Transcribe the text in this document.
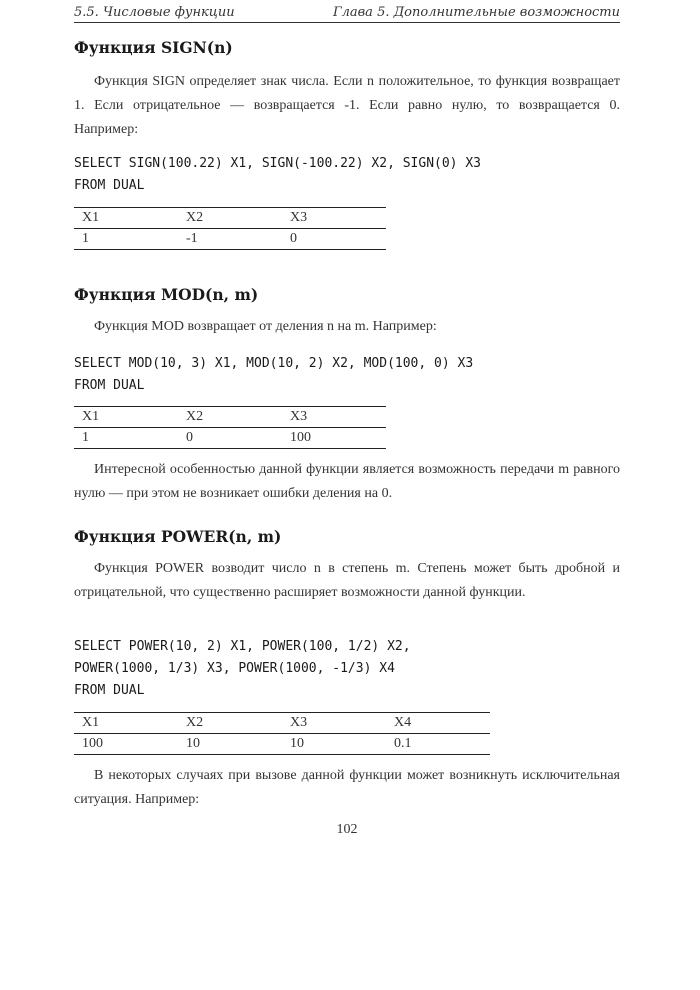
5.5. Числовые функции	Глава 5. Дополнительные возможности
Функция SIGN(n)

Функция SIGN определяет знак числа. Если n положительное, то функция возвращает 1. Если отрицательное — возвращается -1. Если равно нулю, то возвращается 0. Например:

SELECT SIGN(100.22) X1, SIGN(-100.22) X2, SIGN(0) X3
FROM DUAL
X1	X2	X3
1	-1	0
Функция MOD(n, m)

Функция MOD возвращает от деления n на m. Например:

SELECT MOD(10, 3) X1, MOD(10, 2) X2, MOD(100, 0) X3
FROM DUAL
X1	X2	X3
1	0	100

Интересной особенностью данной функции является возможность передачи m равного нулю — при этом не возникает ошибки деления на 0.

Функция POWER(n, m)

Функция POWER возводит число n в степень m. Степень может быть дробной и отрицательной, что существенно расширяет возможности данной функции.

SELECT POWER(10, 2) X1, POWER(100, 1/2) X2,
POWER(1000, 1/3) X3, POWER(1000, -1/3) X4
FROM DUAL
X1	X2	X3	X4
100	10	10	0.1

В некоторых случаях при вызове данной функции может возникнуть исключительная ситуация. Например:

102
